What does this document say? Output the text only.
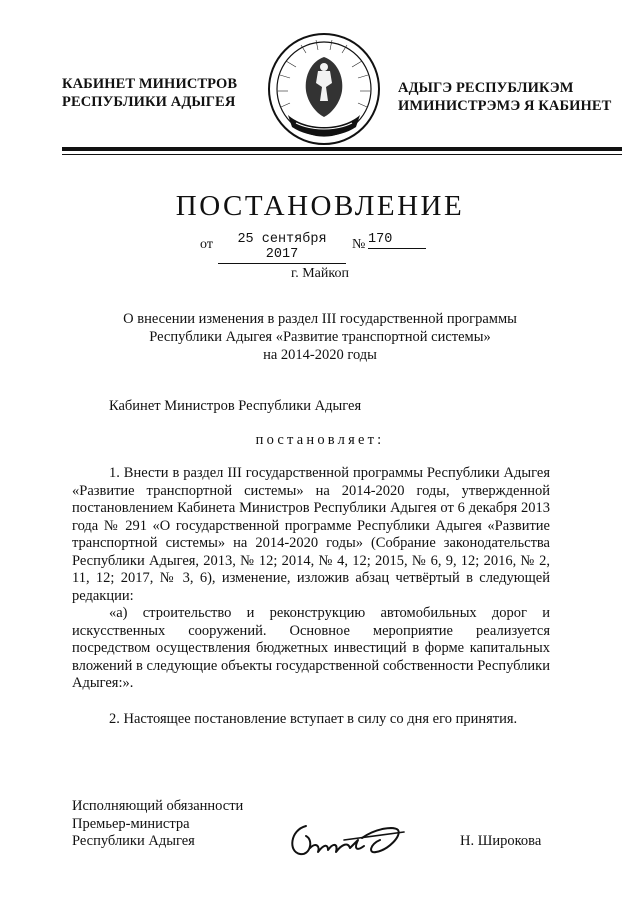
КАБИНЕТ МИНИСТРОВ
РЕСПУБЛИКИ АДЫГЕЯ
АДЫГЭ РЕСПУБЛИКЭМ
ИМИНИСТРЭМЭ Я КАБИНЕТ
ПОСТАНОВЛЕНИЕ
от	25 сентября 2017
№ 170
г. Майкоп
О внесении изменения в раздел III государственной программы
Республики Адыгея «Развитие транспортной системы»
на 2014-2020 годы
Кабинет Министров Республики Адыгея
постановляет:
1. Внести в раздел III государственной программы Республики Адыгея «Развитие транспортной системы» на 2014-2020 годы, утвержденной постановлением Кабинета Министров Республики Адыгея от 6 декабря 2013 года № 291 «О государственной программе Республики Адыгея «Развитие транспортной системы» на 2014-2020 годы» (Собрание законодательства Республики Адыгея, 2013, № 12; 2014, № 4, 12; 2015, № 6, 9, 12; 2016, № 2, 11, 12; 2017, № 3, 6), изменение, изложив абзац четвёртый в следующей редакции:
«а) строительство и реконструкцию автомобильных дорог и искусственных сооружений. Основное мероприятие реализуется посредством осуществления бюджетных инвестиций в форме капитальных вложений в следующие объекты государственной собственности Республики Адыгея:».
2. Настоящее постановление вступает в силу со дня его принятия.
Исполняющий обязанности
Премьер-министра
Республики Адыгея	Н. Широкова
